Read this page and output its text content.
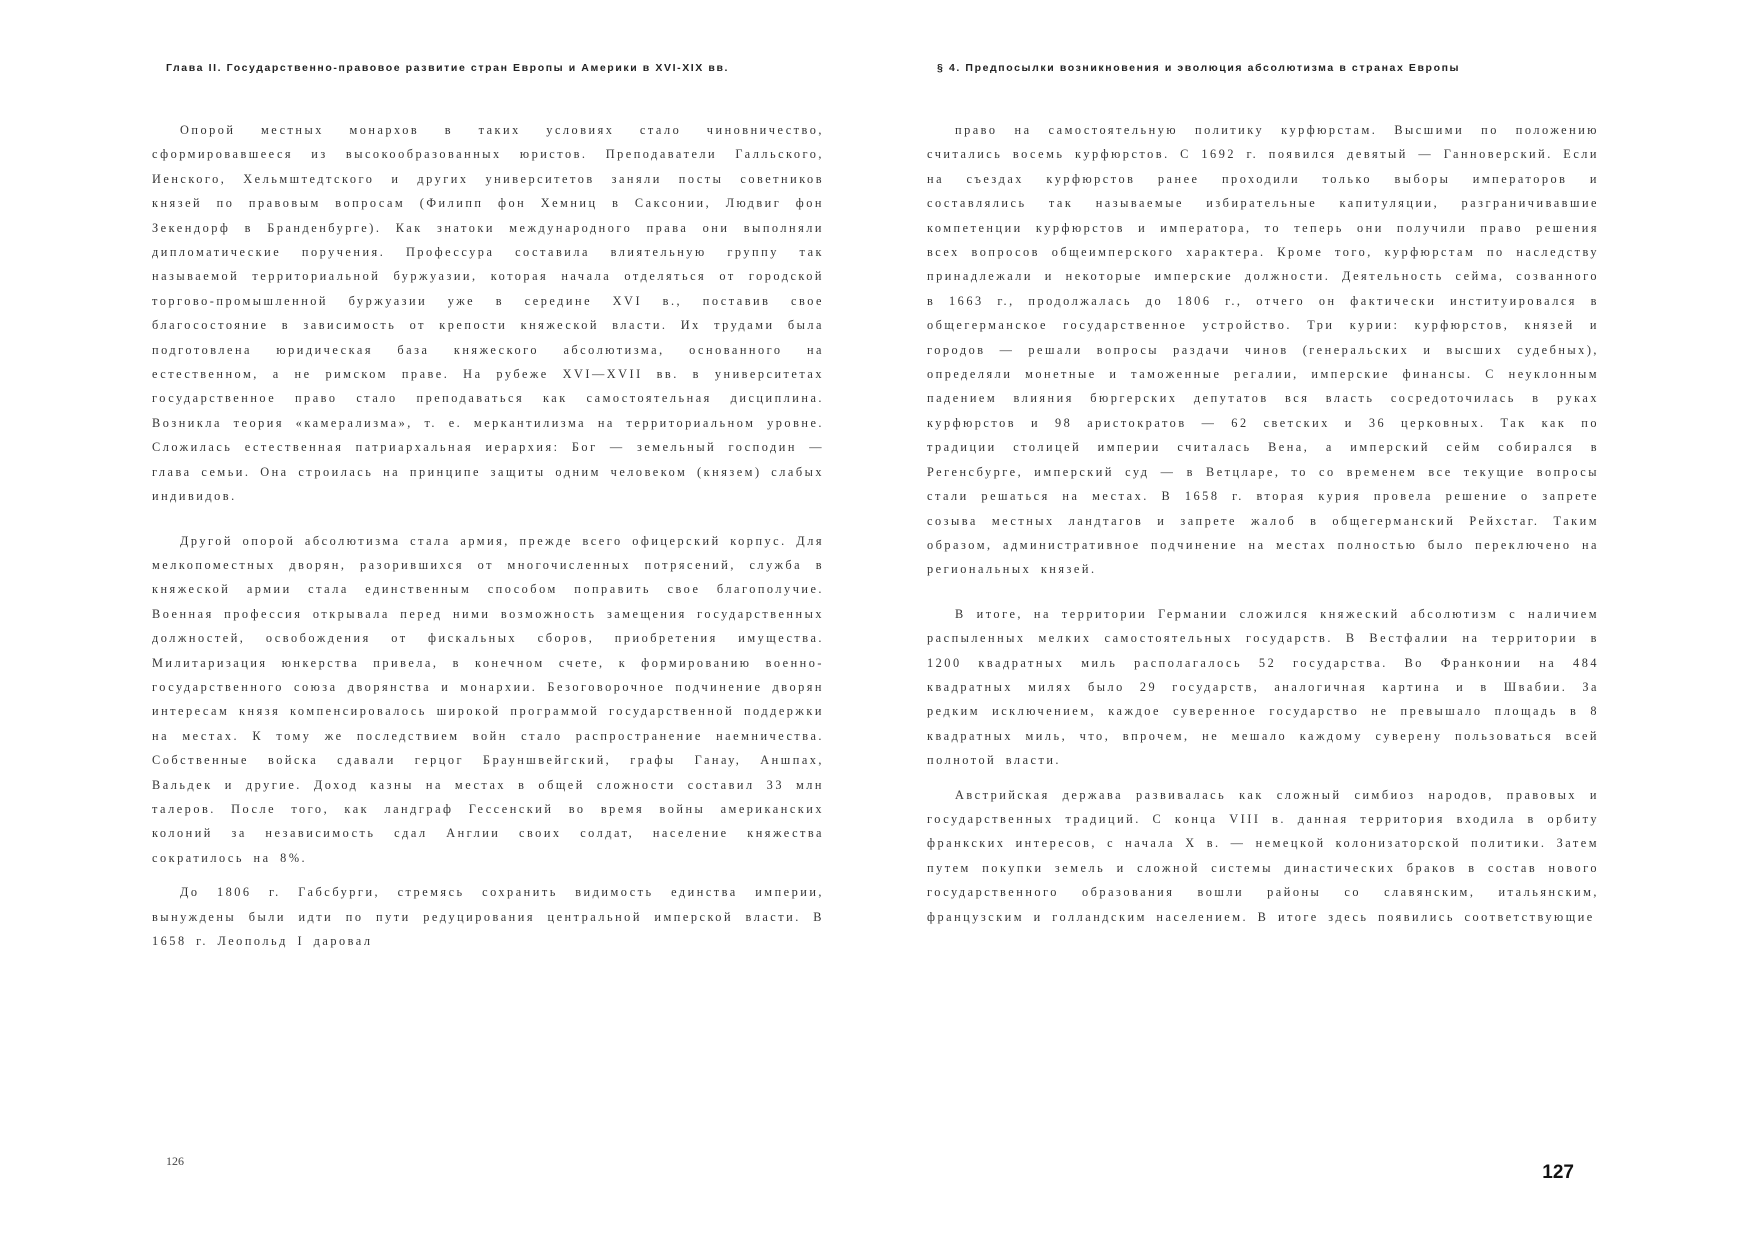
Глава II. Государственно-правовое развитие стран Европы и Америки в XVI-XIX вв.

Опорой местных монархов в таких условиях стало чиновничество, сформировавшееся из высокообразованных юристов. Преподаватели Галльского, Иенского, Хельмштедтского и других университетов заняли посты советников князей по правовым вопросам (Филипп фон Хемниц в Саксонии, Людвиг фон Зекендорф в Бранденбурге). Как знатоки международного права они выполняли дипломатические поручения. Профессура составила влиятельную группу так называемой территориальной буржуазии, которая начала отделяться от городской торгово-промышленной буржуазии уже в середине XVI в., поставив свое благосостояние в зависимость от крепости княжеской власти. Их трудами была подготовлена юридическая база княжеского абсолютизма, основанного на естественном, а не римском праве. На рубеже XVI—XVII вв. в университетах государственное право стало преподаваться как самостоятельная дисциплина. Возникла теория «камерализма», т. е. меркантилизма на территориальном уровне. Сложилась естественная патриархальная иерархия: Бог — земельный господин — глава семьи. Она строилась на принципе защиты одним человеком (князем) слабых индивидов.

Другой опорой абсолютизма стала армия, прежде всего офицерский корпус. Для мелкопоместных дворян, разорившихся от многочисленных потрясений, служба в княжеской армии стала единственным способом поправить свое благополучие. Военная профессия открывала перед ними возможность замещения государственных должностей, освобождения от фискальных сборов, приобретения имущества. Милитаризация юнкерства привела, в конечном счете, к формированию военно-государственного союза дворянства и монархии. Безоговорочное подчинение дворян интересам князя компенсировалось широкой программой государственной поддержки на местах. К тому же последствием войн стало распространение наемничества. Собственные войска сдавали герцог Брауншвейгский, графы Ганау, Аншпах, Вальдек и другие. Доход казны на местах в общей сложности составил 33 млн талеров. После того, как ландграф Гессенский во время войны американских колоний за независимость сдал Англии своих солдат, население княжества сократилось на 8%.

До 1806 г. Габсбурги, стремясь сохранить видимость единства империи, вынуждены были идти по пути редуцирования центральной имперской власти. В 1658 г. Леопольд I даровал

126
§ 4. Предпосылки возникновения и эволюция абсолютизма в странах Европы

право на самостоятельную политику курфюрстам. Высшими по положению считались восемь курфюрстов. С 1692 г. появился девятый — Ганноверский. Если на съездах курфюрстов ранее проходили только выборы императоров и составлялись так называемые избирательные капитуляции, разграничивавшие компетенции курфюрстов и императора, то теперь они получили право решения всех вопросов общеимперского характера. Кроме того, курфюрстам по наследству принадлежали и некоторые имперские должности. Деятельность сейма, созванного в 1663 г., продолжалась до 1806 г., отчего он фактически институировался в общегерманское государственное устройство. Три курии: курфюрстов, князей и городов — решали вопросы раздачи чинов (генеральских и высших судебных), определяли монетные и таможенные регалии, имперские финансы. С неуклонным падением влияния бюргерских депутатов вся власть сосредоточилась в руках курфюрстов и 98 аристократов — 62 светских и 36 церковных. Так как по традиции столицей империи считалась Вена, а имперский сейм собирался в Регенсбурге, имперский суд — в Ветцларе, то со временем все текущие вопросы стали решаться на местах. В 1658 г. вторая курия провела решение о запрете созыва местных ландтагов и запрете жалоб в общегерманский Рейхстаг. Таким образом, административное подчинение на местах полностью было переключено на региональных князей.

В итоге, на территории Германии сложился княжеский абсолютизм с наличием распыленных мелких самостоятельных государств. В Вестфалии на территории в 1200 квадратных миль располагалось 52 государства. Во Франконии на 484 квадратных милях было 29 государств, аналогичная картина и в Швабии. За редким исключением, каждое суверенное государство не превышало площадь в 8 квадратных миль, что, впрочем, не мешало каждому суверену пользоваться всей полнотой власти.

Австрийская держава развивалась как сложный симбиоз народов, правовых и государственных традиций. С конца VIII в. данная территория входила в орбиту франкских интересов, с начала X в. — немецкой колонизаторской политики. Затем путем покупки земель и сложной системы династических браков в состав нового государственного образования вошли районы со славянским, итальянским, французским и голландским населением. В итоге здесь появились соответствующие

127
